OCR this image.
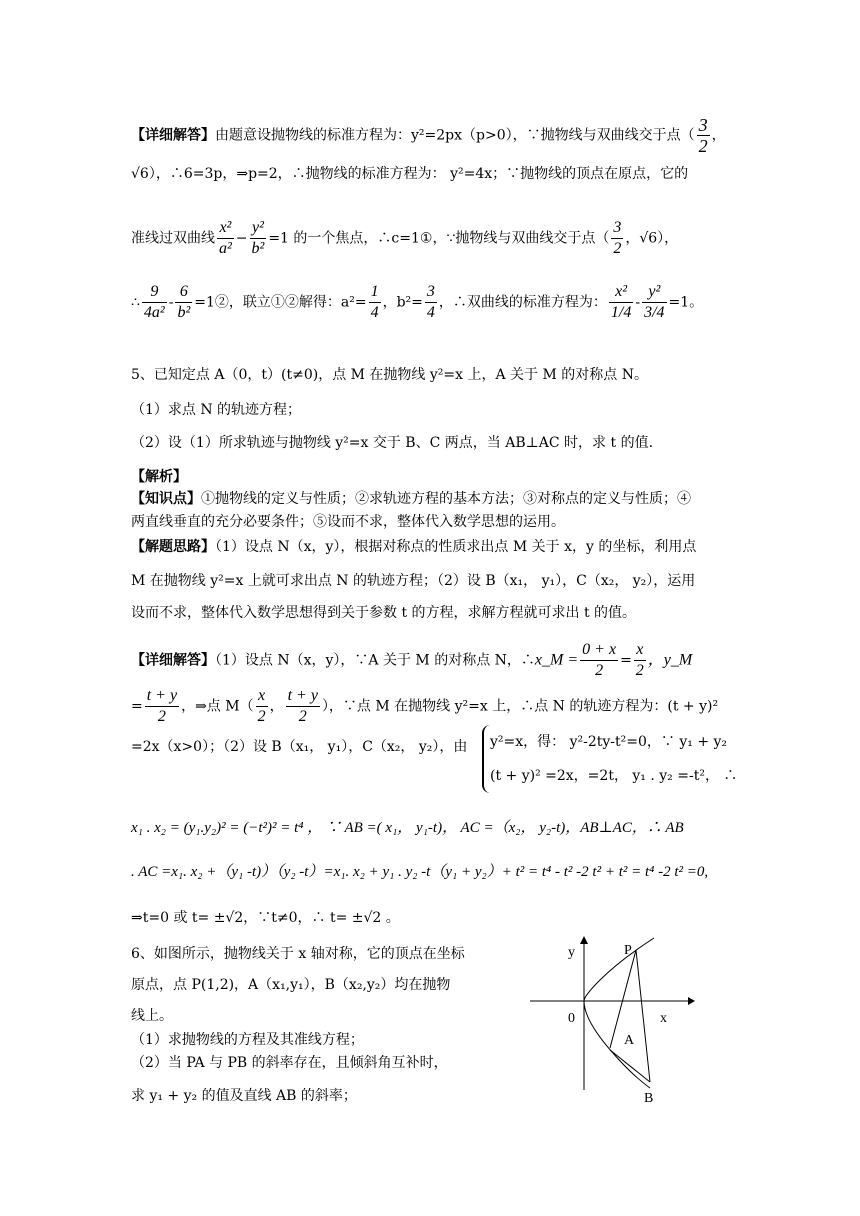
【详细解答】由题意设抛物线的标准方程为：y²=2px（p>0），∵抛物线与双曲线交于点（ $\frac{3}{2}$ ，
√6），∴6=3p，⇒p=2，∴抛物线的标准方程为： y²=4x；∵抛物线的顶点在原点，它的
准线过双曲线 $\frac{\text{x²}}{\text{a²}} - \frac{\text{y²}}{\text{b²}} =1$ 的一个焦点，∴c=1①，∵抛物线与双曲线交于点（ $\frac{3}{2}$ ，√6），
∴ $\frac{9}{\text{4a²}} - \frac{6}{\text{b²}}$ =1②，联立①②解得：$a^2= \frac{1}{4}$ ，$b^2= \frac{3}{4}$ ，∴双曲线的标准方程为： $\frac{\text{x²}}{1/4} - \frac{\text{y²}}{3/4} =1$。
5、已知定点 A（0，t）(t≠0)，点 M 在抛物线 y²=x 上，A 关于 M 的对称点 N。
（1）求点 N 的轨迹方程；
（2）设（1）所求轨迹与抛物线 y²=x 交于 B、C 两点，当 AB⊥AC 时，求 t 的值.
【解析】
【知识点】①抛物线的定义与性质；②求轨迹方程的基本方法；③对称点的定义与性质；④
两直线垂直的充分必要条件；⑤设而不求，整体代入数学思想的运用。
【解题思路】（1）设点 N（x，y），根据对称点的性质求出点 M 关于 x，y 的坐标，利用点
M 在抛物线 y²=x 上就可求出点 N 的轨迹方程；（2）设 B（x₁， y₁），C（x₂， y₂），运用
设而不求，整体代入数学思想得到关于参数 t 的方程，求解方程就可求出 t 的值。
【详细解答】（1）设点 N（x，y），∵A 关于 M 的对称点 N，∴x_M = $\frac{0 + x}{2} = \frac{x}{2}$ ，y_M
= $\frac{t + y}{2}$ ，⇒点 $M( \frac{x}{2}$ ， $\frac{t + y}{2}$ ），∵点 M 在抛物线 y²=x 上，∴点 N 的轨迹方程为：(t + y)²
=2x（x>0）；（2）设 B（x₁， y₁），C（x₂， y₂），由 y²=x，得： y²-2ty-t²=0，∵ y₁ + y₂
(t + y)² =2x，=2t， y₁ . y₂ =-t²， ∴
x₁ . x₂ = (y₁.y₂)² = (−t²)² = t⁴ ， ∵ AB =( x₁， y₁-t)， AC =（x₂， y₂-t)，AB⊥AC，∴ AB
. AC =x₁. x₂ +（y₁ -t)）（y₂ -t）=x₁. x₂ + y₁ . y₂ -t（y₁ + y₂）+ t² = t⁴ - t² -2 t² + t² = t⁴ -2 t² =0,
⇒t=0 或 t= ±√2，∵t≠0，∴ t= ±√2 。
6、如图所示，抛物线关于 x 轴对称，它的顶点在坐标
原点，点 P(1,2)，A（x₁,y₁），B（x₂,y₂）均在抛物
线上。
（1）求抛物线的方程及其准线方程；
（2）当 PA 与 PB 的斜率存在，且倾斜角互补时，
求 y₁ + y₂ 的值及直线 AB 的斜率；
y	P
0	x
A
B
